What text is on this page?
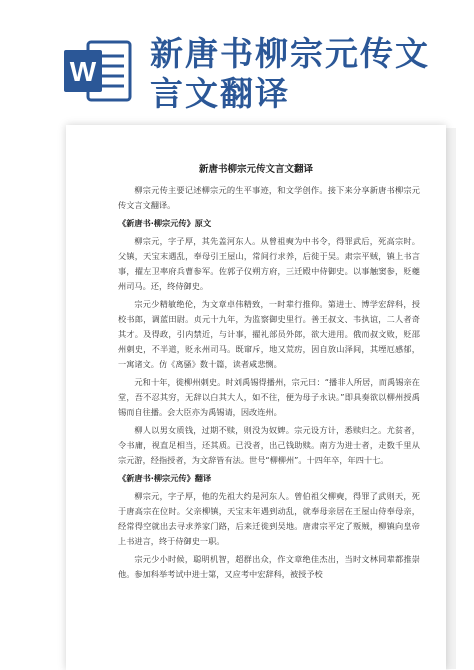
W 新唐书柳宗元传文
言文翻译
新唐书柳宗元传文言文翻译

柳宗元传主要记述柳宗元的生平事迹，和文学创作。接下来分享新唐书柳宗元传文言文翻译。

《新唐书·柳宗元传》原文

柳宗元，字子厚，其先盖河东人。从曾祖奭为中书令，得罪武后，死高宗时。父镇，天宝末遇乱，奉母引王屋山，常间行求养，后徙于吴。肃宗平贼，镇上书言事，擢左卫率府兵曹参军。佐郭子仪朔方府，三迁殿中侍御史。以事触窦参，贬夔州司马。还，终侍御史。

宗元少精敏绝伦，为文章卓伟精致，一时辈行推仰。第进士、博学宏辞科，授校书郎，调蓝田尉。贞元十九年，为监察御史里行。善王叔文、韦执谊，二人者奇其才。及得政，引内禁近，与计事，擢礼部员外郎，欲大进用。俄而叔文败，贬邵州刺史，不半道，贬永州司马。既窜斥，地又荒疠，因自放山泽间，其堙厄感郁，一寓诸文。仿《离骚》数十篇，读者咸悲恻。

元和十年，徙柳州刺史。时刘禹锡得播州，宗元曰：“播非人所居，而禹锡亲在堂，吾不忍其穷，无辞以白其大人，如不往，便为母子永诀。”即具奏欲以柳州授禹锡而自往播。会大臣亦为禹锡请，因改连州。

柳人以男女质钱，过期不赎，则没为奴婢。宗元设方计，悉赎归之。尤贫者，令书庸，视直足相当，还其质。已没者，出己钱助赎。南方为进士者，走数千里从宗元游，经指授者，为文辞皆有法。世号“柳柳州”。十四年卒，年四十七。

《新唐书·柳宗元传》翻译

柳宗元，字子厚，他的先祖大约是河东人。曾伯祖父柳奭，得罪了武则天，死于唐高宗在位时。父亲柳镇，天宝末年遇到动乱，就奉母亲居在王屋山侍奉母亲，经常得空就出去寻求养家门路，后来迁徙到吴地。唐肃宗平定了叛贼，柳镇向皇帝上书进言，终于侍御史一职。

宗元少小时候，聪明机智，超群出众，作文章绝佳杰出，当时文林同辈都推崇他。参加科举考试中进士第，又应考中宏辞科，被授予校
